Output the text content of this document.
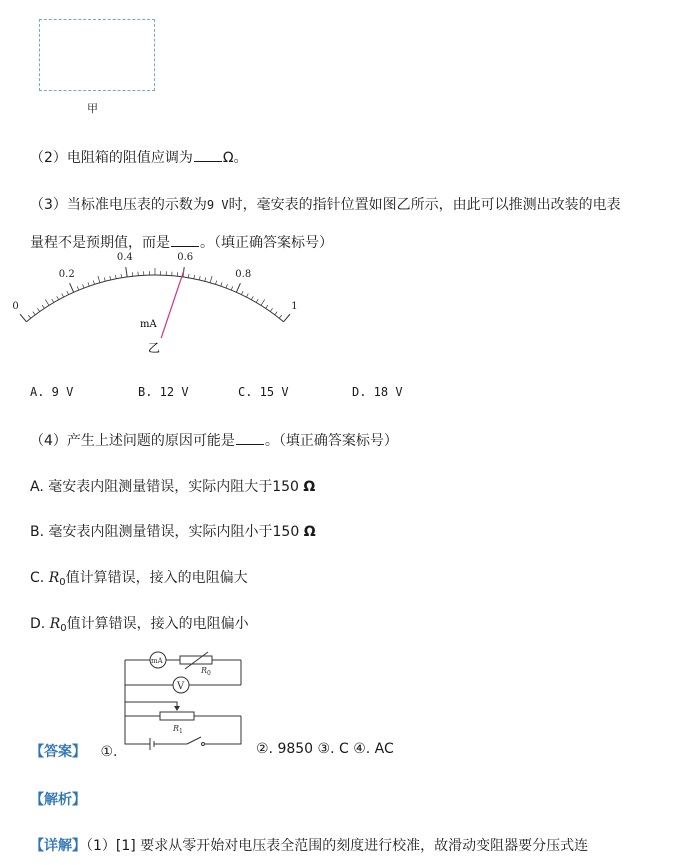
甲
（2）电阻箱的阻值应调为 Ω。
（3）当标准电压表的示数为9 V时，毫安表的指针位置如图乙所示，由此可以推测出改装的电表
量程不是预期值，而是 。（填正确答案标号）
0
0.2
0.4	0.6
0.8
1
mA
乙
A. 9 V	B. 12 V	C. 15 V	D. 18 V
（4）产生上述问题的原因可能是 。（填正确答案标号）
A. 毫安表内阻测量错误，实际内阻大于150 Ω
B. 毫安表内阻测量错误，实际内阻小于150 Ω
C. $R_0$值计算错误，接入的电阻偏大
D. $R_0$值计算错误，接入的电阻偏小
mA
V
R 0
R 1
【答案】 ①.	②. 9850 ③. C ④. AC
【解析】
【详解】（1）[1] 要求从零开始对电压表全范围的刻度进行校准，故滑动变阻器要分压式连
